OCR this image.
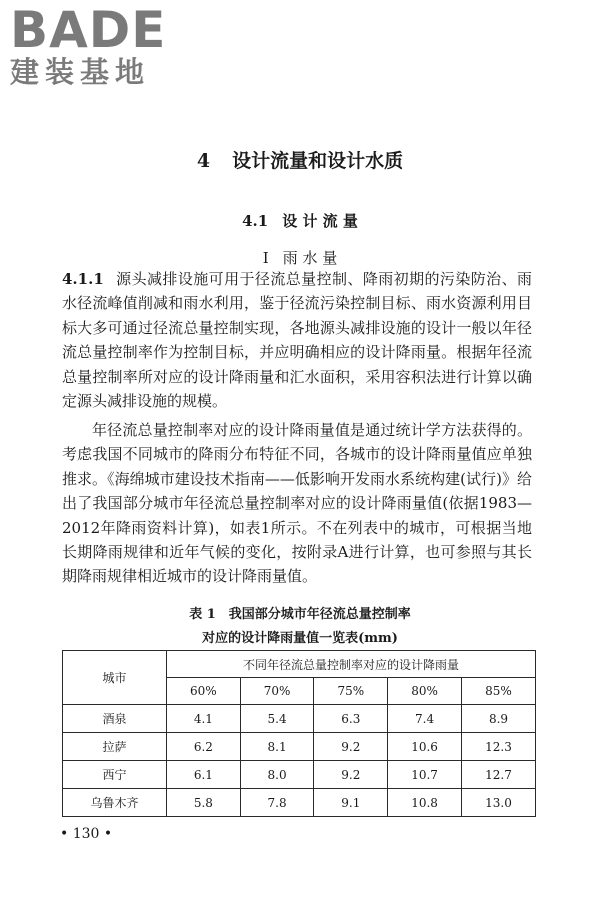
BADE
建装基地
4 设计流量和设计水质
4.1 设 计 流 量
Ⅰ 雨 水 量
4.1.1 源头减排设施可用于径流总量控制、降雨初期的污染防治、雨水径流峰值削减和雨水利用，鉴于径流污染控制目标、雨水资源利用目标大多可通过径流总量控制实现，各地源头减排设施的设计一般以年径流总量控制率作为控制目标，并应明确相应的设计降雨量。根据年径流总量控制率所对应的设计降雨量和汇水面积，采用容积法进行计算以确定源头减排设施的规模。
年径流总量控制率对应的设计降雨量值是通过统计学方法获得的。考虑我国不同城市的降雨分布特征不同，各城市的设计降雨量值应单独推求。《海绵城市建设技术指南——低影响开发雨水系统构建(试行)》给出了我国部分城市年径流总量控制率对应的设计降雨量值(依据1983—2012年降雨资料计算)，如表1所示。不在列表中的城市，可根据当地长期降雨规律和近年气候的变化，按附录A进行计算，也可参照与其长期降雨规律相近城市的设计降雨量值。
表 1　我国部分城市年径流总量控制率
对应的设计降雨量值一览表(mm)
城市	不同年径流总量控制率对应的设计降雨量				
	60%	70%	75%	80%	85%
酒泉	4.1	5.4	6.3	7.4	8.9
拉萨	6.2	8.1	9.2	10.6	12.3
西宁	6.1	8.0	9.2	10.7	12.7
乌鲁木齐	5.8	7.8	9.1	10.8	13.0
• 130 •
